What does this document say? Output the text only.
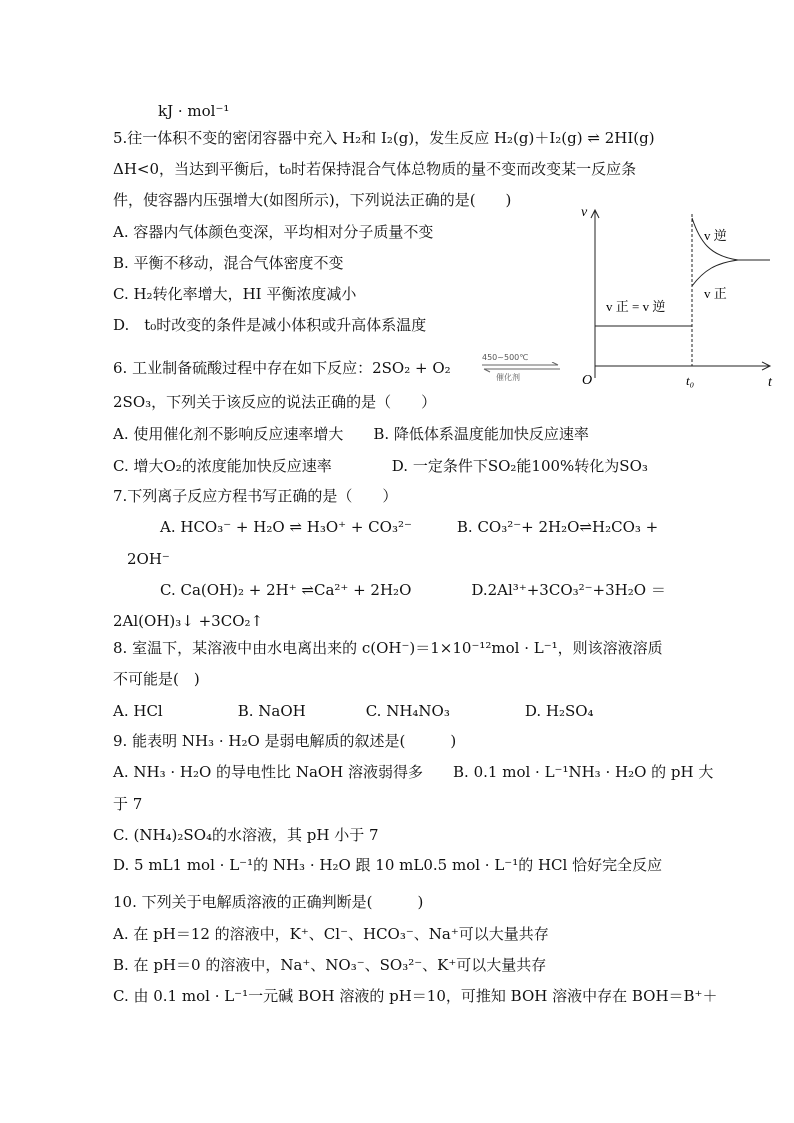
kJ · mol⁻¹
5.往一体积不变的密闭容器中充入 H₂和 I₂(g)，发生反应 H₂(g)＋I₂(g) ⇌ 2HI(g)
ΔH<0，当达到平衡后，t₀时若保持混合气体总物质的量不变而改变某一反应条
件，使容器内压强增大(如图所示)，下列说法正确的是(　　)
A. 容器内气体颜色变深，平均相对分子质量不变
B. 平衡不移动，混合气体密度不变
C. H₂转化率增大，HI 平衡浓度减小
D.　t₀时改变的条件是减小体积或升高体系温度
6. 工业制备硫酸过程中存在如下反应：2SO₂ + O₂
450~500℃
催化剂
2SO₃，下列关于该反应的说法正确的是（　　）
A. 使用催化剂不影响反应速率增大　　B. 降低体系温度能加快反应速率
C. 增大O₂的浓度能加快反应速率　　　　D. 一定条件下SO₂能100%转化为SO₃
7.下列离子反应方程书写正确的是（　　）
A. HCO₃⁻ + H₂O ⇌ H₃O⁺ + CO₃²⁻　　　B. CO₃²⁻+ 2H₂O⇌H₂CO₃ +
2OH⁻
C. Ca(OH)₂ + 2H⁺ ⇌Ca²⁺ + 2H₂O　　　　D.2Al³⁺+3CO₃²⁻+3H₂O ＝
2Al(OH)₃↓ +3CO₂↑
8. 室温下，某溶液中由水电离出来的 c(OH⁻)＝1×10⁻¹²mol · L⁻¹，则该溶液溶质
不可能是(　)
A. HCl　　　　　B. NaOH　　　　C. NH₄NO₃　　　　　D. H₂SO₄
9. 能表明 NH₃ · H₂O 是弱电解质的叙述是(　　　)
A. NH₃ · H₂O 的导电性比 NaOH 溶液弱得多　　B. 0.1 mol · L⁻¹NH₃ · H₂O 的 pH 大
于 7
C. (NH₄)₂SO₄的水溶液，其 pH 小于 7
D. 5 mL1 mol · L⁻¹的 NH₃ · H₂O 跟 10 mL0.5 mol · L⁻¹的 HCl 恰好完全反应
10. 下列关于电解质溶液的正确判断是(　　　)
A. 在 pH＝12 的溶液中，K⁺、Cl⁻、HCO₃⁻、Na⁺可以大量共存
B. 在 pH＝0 的溶液中，Na⁺、NO₃⁻、SO₃²⁻、K⁺可以大量共存
C. 由 0.1 mol · L⁻¹一元碱 BOH 溶液的 pH＝10，可推知 BOH 溶液中存在 BOH＝B⁺＋
v
t
O	t₀
v 正 = v 逆
v 逆
v 正
